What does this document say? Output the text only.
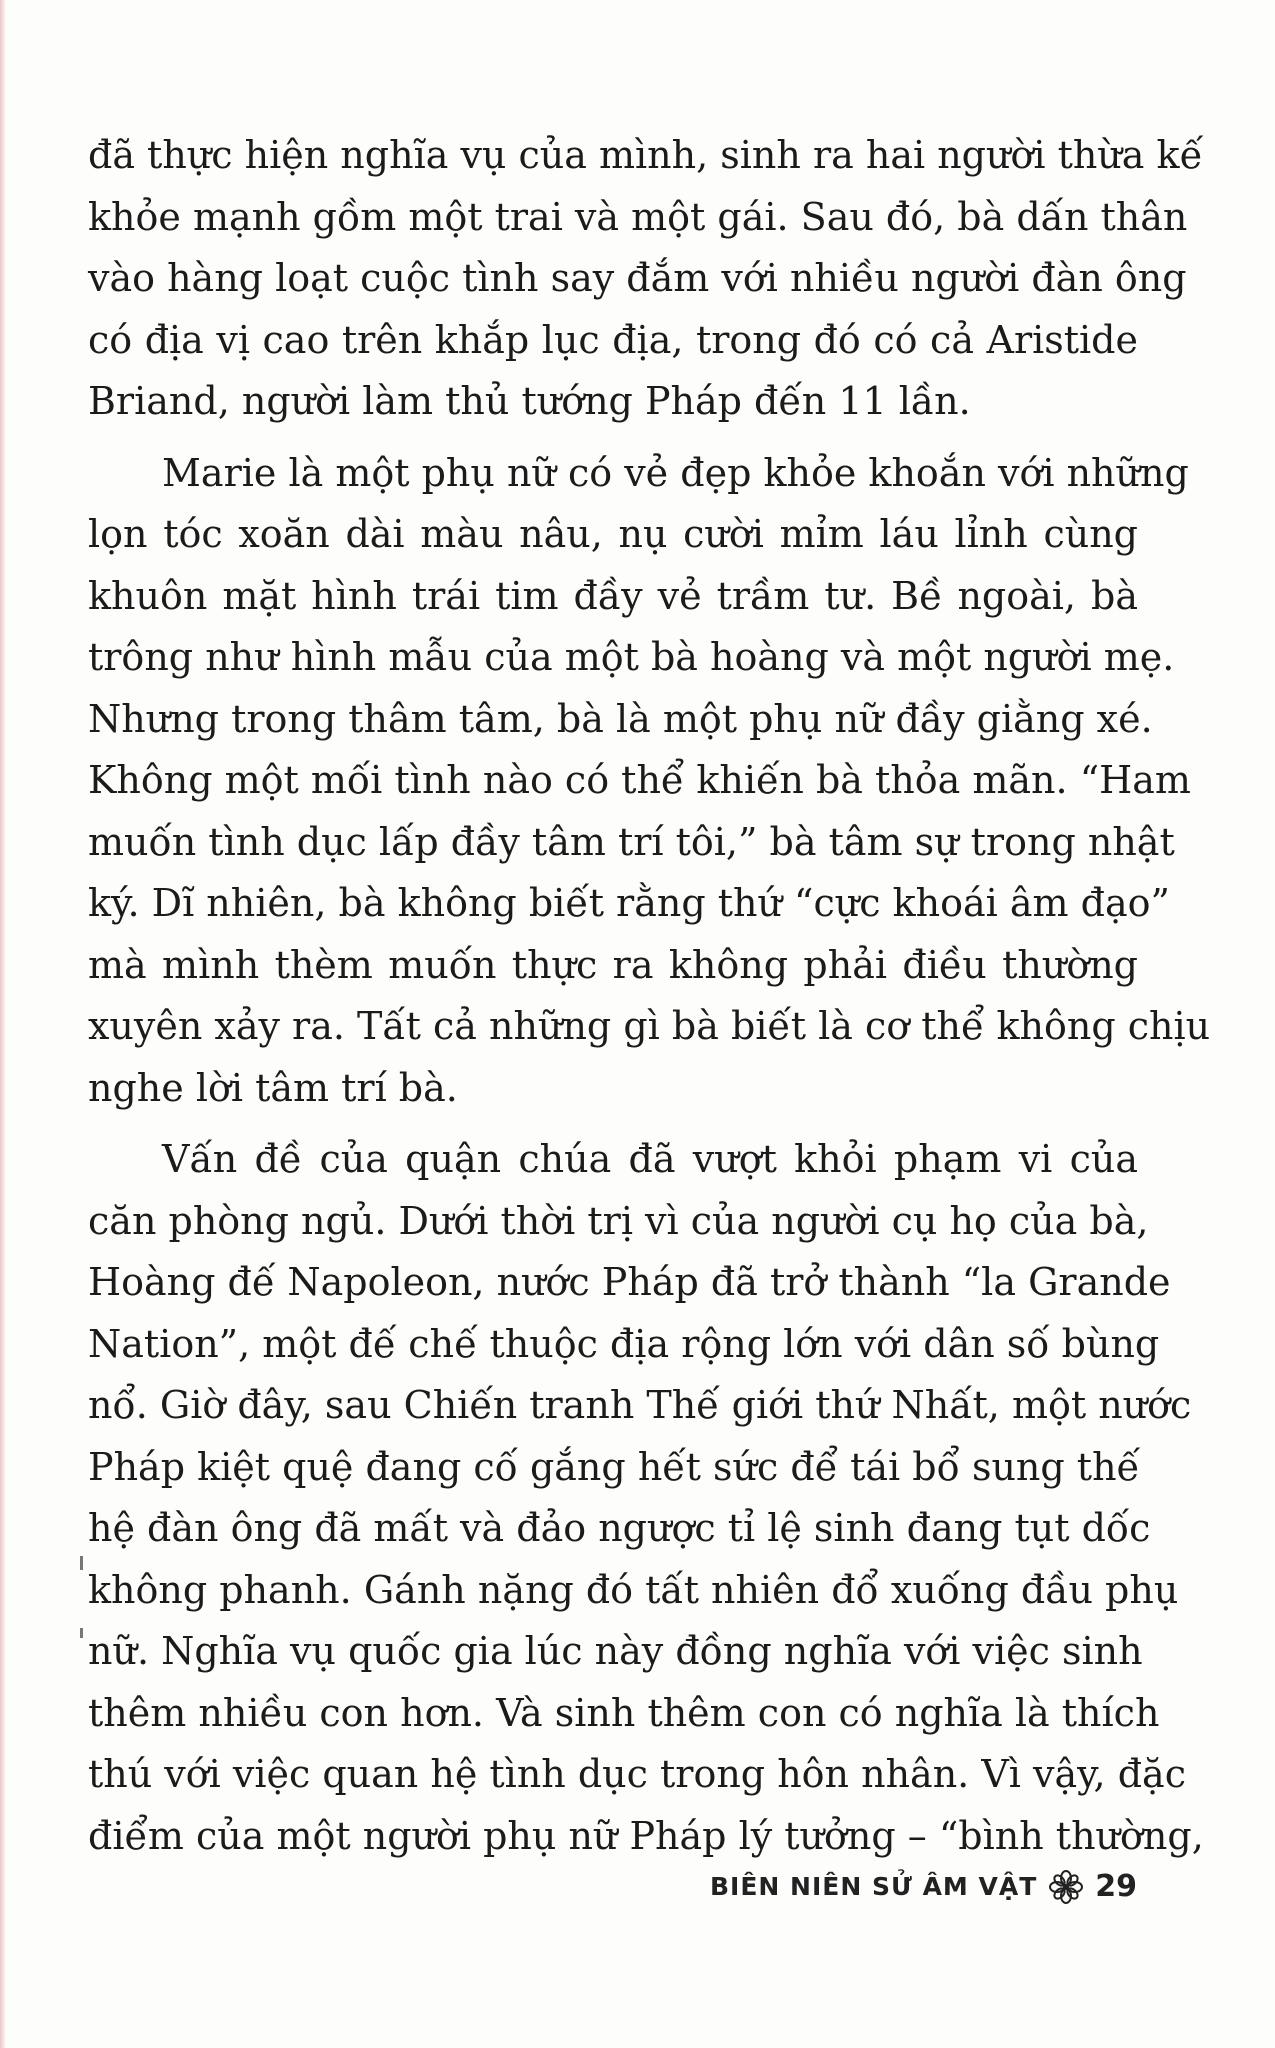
đã thực hiện nghĩa vụ của mình, sinh ra hai người thừa kế
khỏe mạnh gồm một trai và một gái. Sau đó, bà dấn thân
vào hàng loạt cuộc tình say đắm với nhiều người đàn ông
có địa vị cao trên khắp lục địa, trong đó có cả Aristide
Briand, người làm thủ tướng Pháp đến 11 lần.
Marie là một phụ nữ có vẻ đẹp khỏe khoắn với những
lọn tóc xoăn dài màu nâu, nụ cười mỉm láu lỉnh cùng
khuôn mặt hình trái tim đầy vẻ trầm tư. Bề ngoài, bà
trông như hình mẫu của một bà hoàng và một người mẹ.
Nhưng trong thâm tâm, bà là một phụ nữ đầy giằng xé.
Không một mối tình nào có thể khiến bà thỏa mãn. “Ham
muốn tình dục lấp đầy tâm trí tôi,” bà tâm sự trong nhật
ký. Dĩ nhiên, bà không biết rằng thứ “cực khoái âm đạo”
mà mình thèm muốn thực ra không phải điều thường
xuyên xảy ra. Tất cả những gì bà biết là cơ thể không chịu
nghe lời tâm trí bà.
Vấn đề của quận chúa đã vượt khỏi phạm vi của
căn phòng ngủ. Dưới thời trị vì của người cụ họ của bà,
Hoàng đế Napoleon, nước Pháp đã trở thành “la Grande
Nation”, một đế chế thuộc địa rộng lớn với dân số bùng
nổ. Giờ đây, sau Chiến tranh Thế giới thứ Nhất, một nước
Pháp kiệt quệ đang cố gắng hết sức để tái bổ sung thế
hệ đàn ông đã mất và đảo ngược tỉ lệ sinh đang tụt dốc
không phanh. Gánh nặng đó tất nhiên đổ xuống đầu phụ
nữ. Nghĩa vụ quốc gia lúc này đồng nghĩa với việc sinh
thêm nhiều con hơn. Và sinh thêm con có nghĩa là thích
thú với việc quan hệ tình dục trong hôn nhân. Vì vậy, đặc
điểm của một người phụ nữ Pháp lý tưởng – “bình thường,
BIÊN NIÊN SỬ ÂM VẬT 29
